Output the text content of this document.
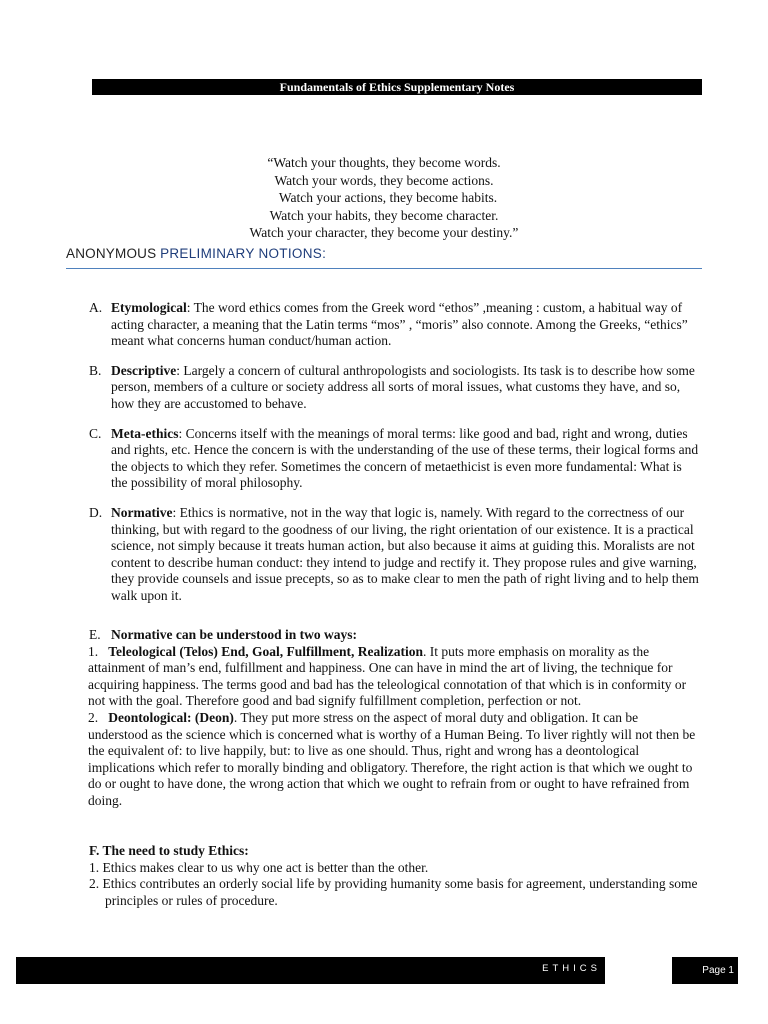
Fundamentals of Ethics Supplementary Notes
“Watch your thoughts, they become words.
Watch your words, they become actions.
Watch your actions, they become habits.
Watch your habits, they become character.
Watch your character, they become your destiny.”
ANONYMOUS PRELIMINARY NOTIONS:
A. Etymological: The word ethics comes from the Greek word “ethos” ,meaning : custom, a habitual way of acting character, a meaning that the Latin terms “mos” , “moris” also connote. Among the Greeks, “ethics” meant what concerns human conduct/human action.
B. Descriptive: Largely a concern of cultural anthropologists and sociologists. Its task is to describe how some person, members of a culture or society address all sorts of moral issues, what customs they have, and so, how they are accustomed to behave.
C. Meta-ethics: Concerns itself with the meanings of moral terms: like good and bad, right and wrong, duties and rights, etc. Hence the concern is with the understanding of the use of these terms, their logical forms and the objects to which they refer. Sometimes the concern of metaethicist is even more fundamental: What is the possibility of moral philosophy.
D. Normative: Ethics is normative, not in the way that logic is, namely. With regard to the correctness of our thinking, but with regard to the goodness of our living, the right orientation of our existence. It is a practical science, not simply because it treats human action, but also because it aims at guiding this. Moralists are not content to describe human conduct: they intend to judge and rectify it. They propose rules and give warning, they provide counsels and issue precepts, so as to make clear to men the path of right living and to help them walk upon it.
E. Normative can be understood in two ways:
1. Teleological (Telos) End, Goal, Fulfillment, Realization. It puts more emphasis on morality as the attainment of man’s end, fulfillment and happiness. One can have in mind the art of living, the technique for acquiring happiness. The terms good and bad has the teleological connotation of that which is in conformity or not with the goal. Therefore good and bad signify fulfillment completion, perfection or not.
2. Deontological: (Deon). They put more stress on the aspect of moral duty and obligation. It can be understood as the science which is concerned what is worthy of a Human Being. To liver rightly will not then be the equivalent of: to live happily, but: to live as one should. Thus, right and wrong has a deontological implications which refer to morally binding and obligatory. Therefore, the right action is that which we ought to do or ought to have done, the wrong action that which we ought to refrain from or ought to have refrained from doing.
F. The need to study Ethics:
1. Ethics makes clear to us why one act is better than the other.
2. Ethics contributes an orderly social life by providing humanity some basis for agreement, understanding some principles or rules of procedure.
ETHICS	Page 1
